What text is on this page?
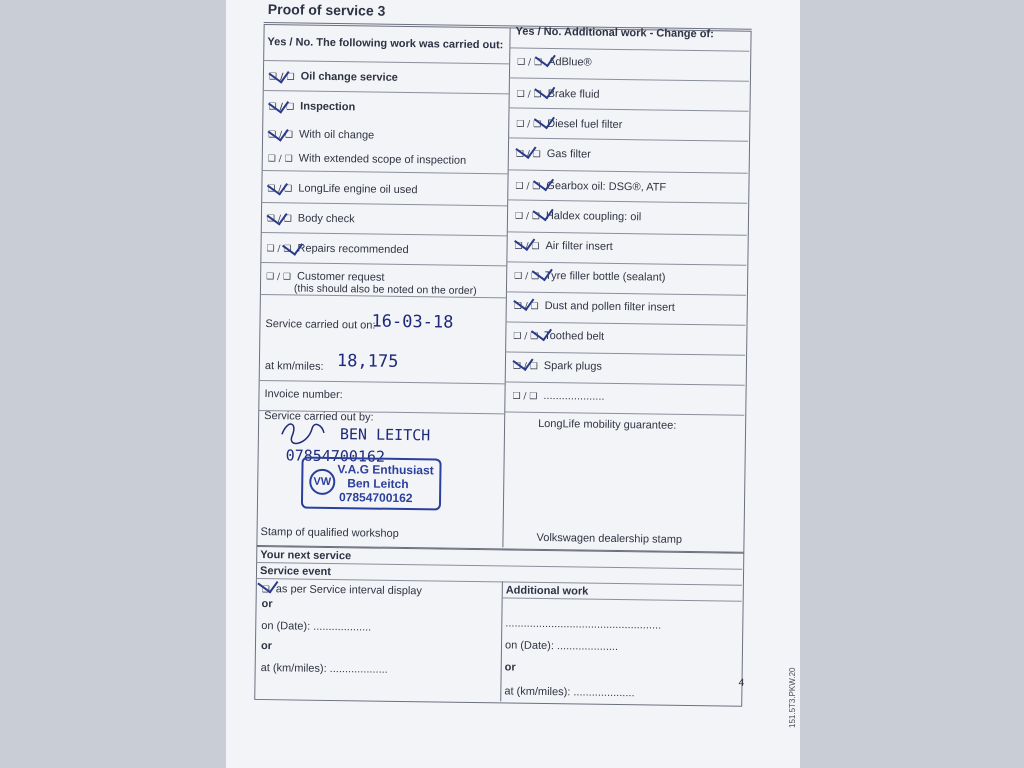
Proof of service 3
Yes / No. The following work was carried out:
Yes / No. Additional work - Change of:
❑ / ❑ Oil change service
❑ / ❑ Inspection
❑ / ❑ With oil change
❑ / ❑ With extended scope of inspection
❑ / ❑ LongLife engine oil used
❑ / ❑ Body check
❑ / ❑ Repairs recommended
❑ / ❑ Customer request
(this should also be noted on the order)
Service carried out on:
16-03-18
at km/miles: 18,175
Invoice number:
Service carried out by:
BEN LEITCH
07854700162
VW
V.A.G Enthusiast
Ben Leitch
07854700162
Stamp of qualified workshop
❑ / ❑ AdBlue®
❑ / ❑ Brake fluid
❑ / ❑ Diesel fuel filter
❑ / ❑ Gas filter
❑ / ❑ Gearbox oil: DSG®, ATF
❑ / ❑ Haldex coupling: oil
❑ / ❑ Air filter insert
❑ / ❑ Tyre filler bottle (sealant)
❑ / ❑ Dust and pollen filter insert
❑ / ❑ Toothed belt
❑ / ❑ Spark plugs
❑ / ❑ ....................
LongLife mobility guarantee:
Volkswagen dealership stamp
Your next service
Service event
Additional work
❑ as per Service interval display
or
on (Date): ...................
or
at (km/miles): ...................
...................................................
on (Date): ....................
or
at (km/miles): ....................
4	151.5T3.PKW.20
